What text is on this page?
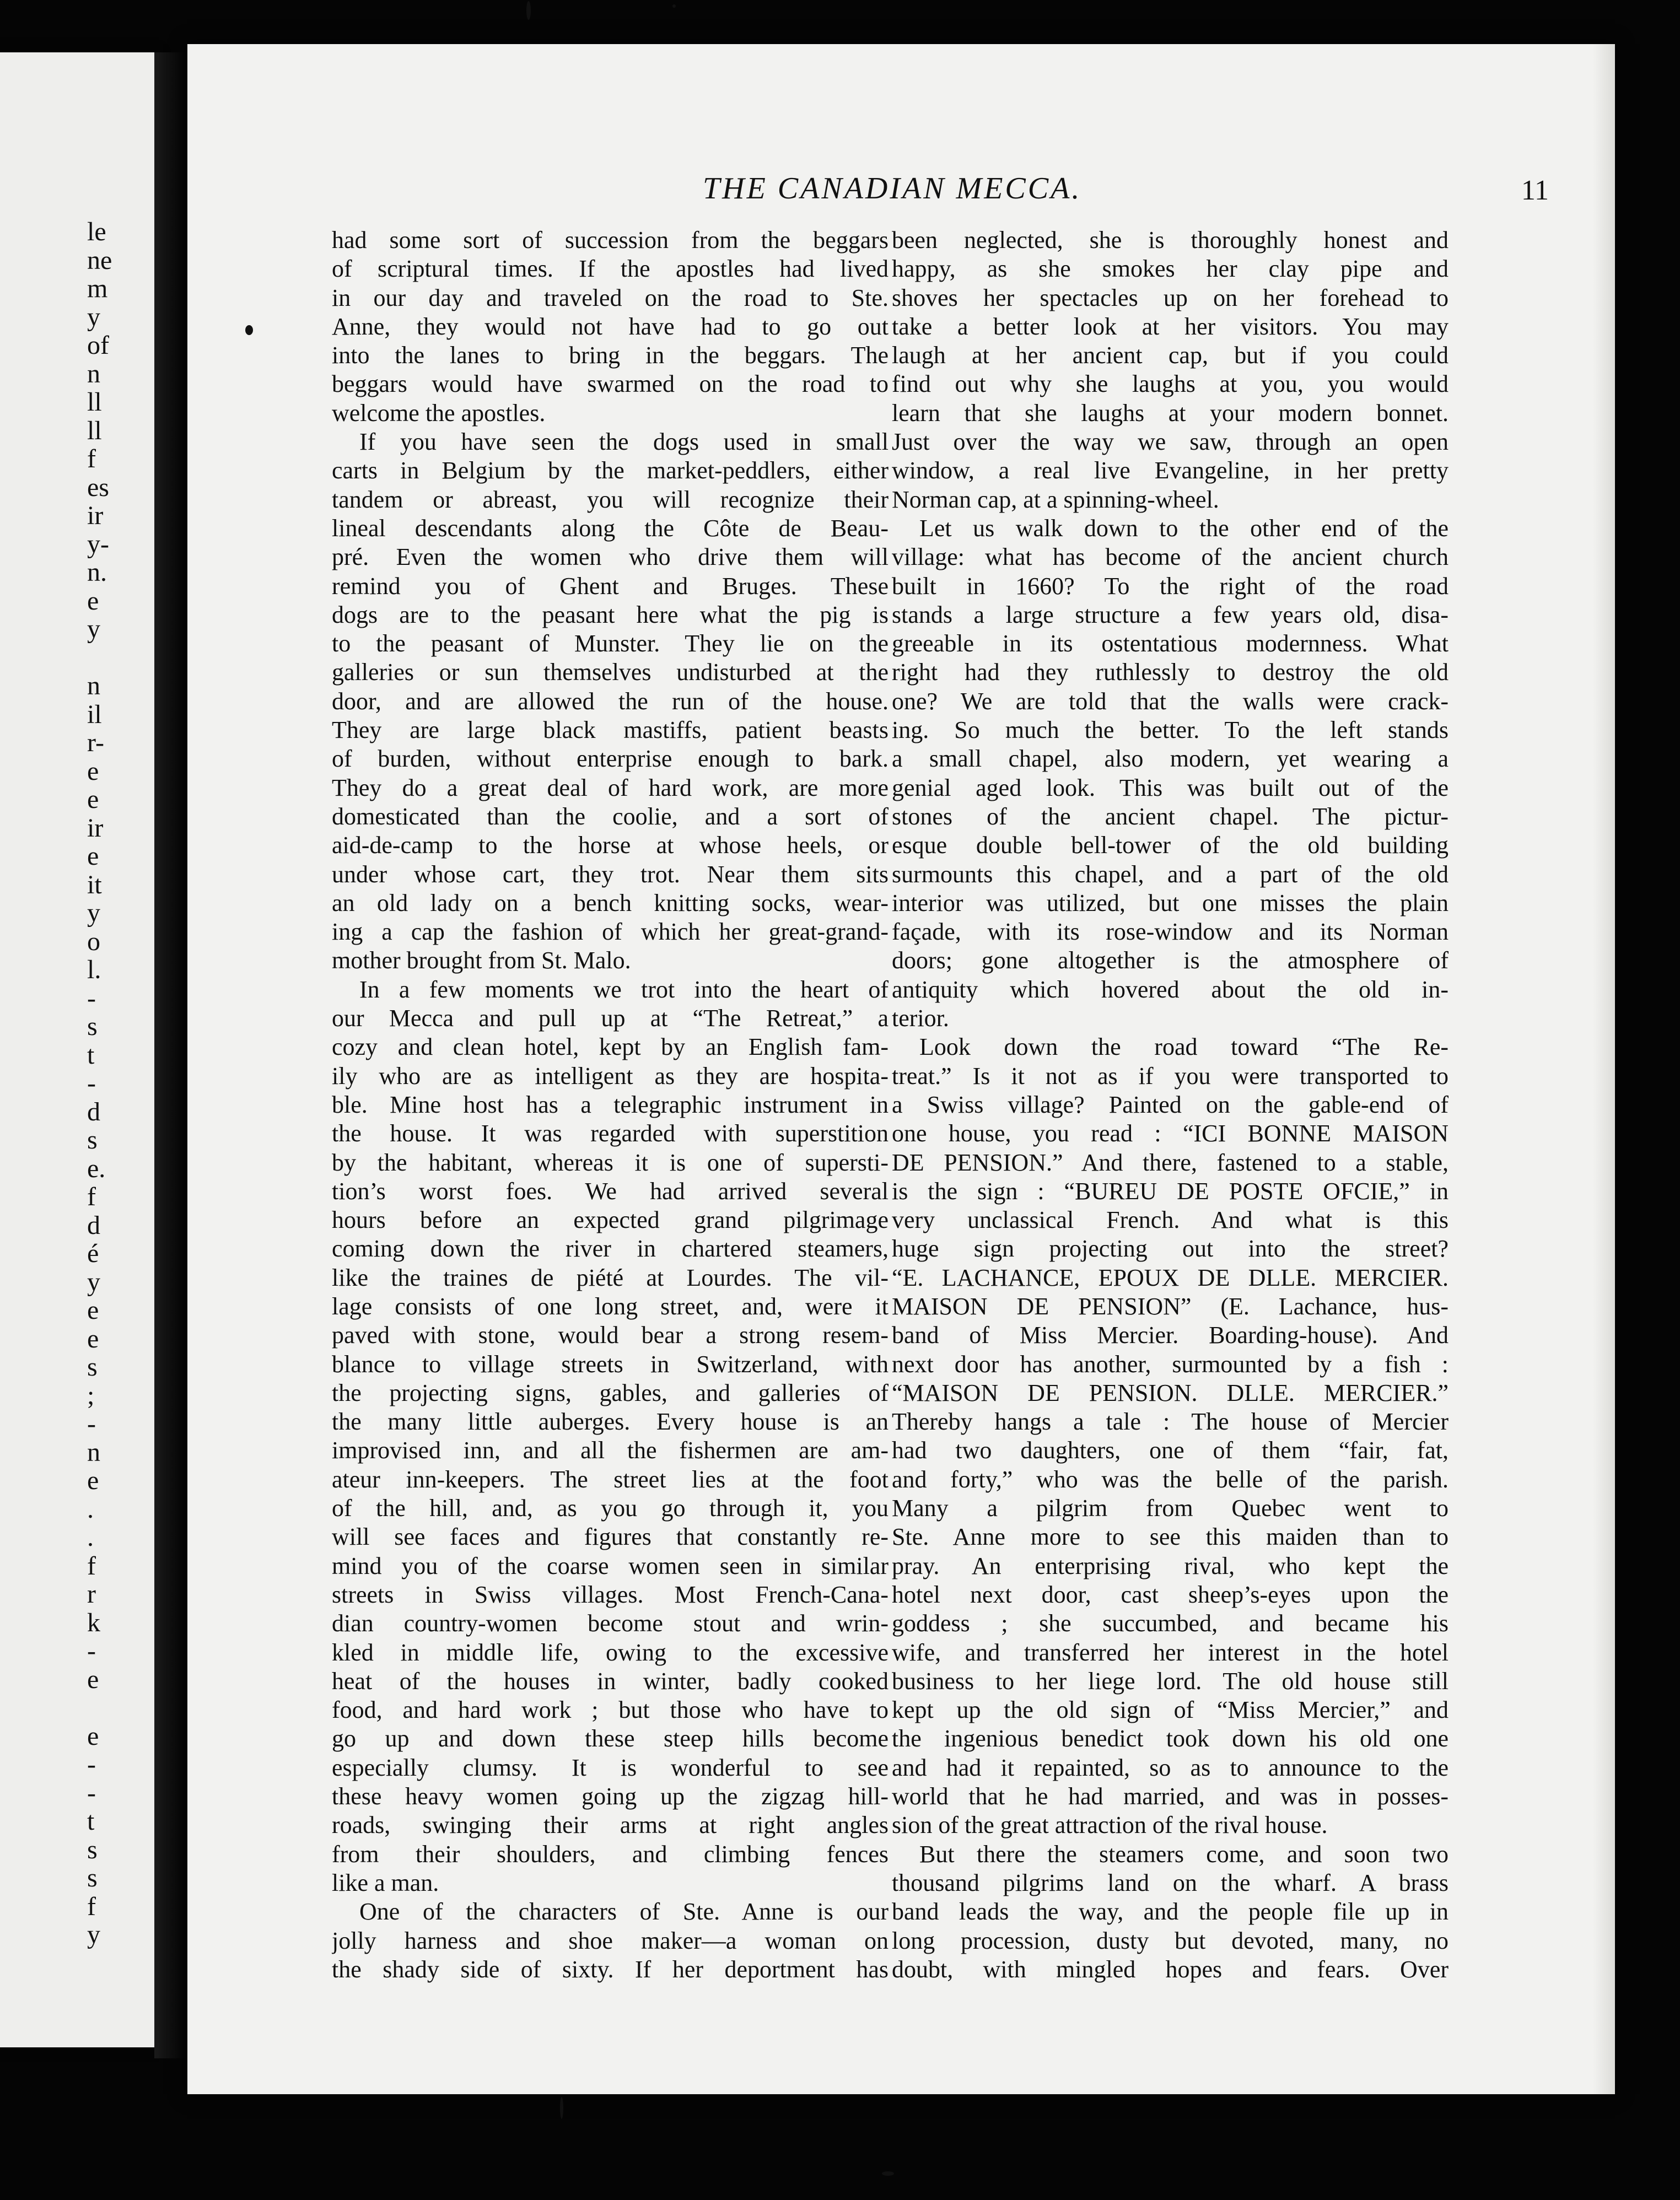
le
ne
m
y
of
n
ll
ll
f
es
ir
y-
n.
e
y
n
il
r-
e
e
ir
e
it
y
o
l.
-
s
t
-
d
s
e.
f
d
é
y
e
e
s
;
-
n
e
.
.
f
r
k
-
e
e
-
-
t
s
s
f
y
THE CANADIAN MECCA.	11
had some sort of succession from the beggars
of scriptural times. If the apostles had lived
in our day and traveled on the road to Ste.
Anne, they would not have had to go out
into the lanes to bring in the beggars. The
beggars would have swarmed on the road to
welcome the apostles.
If you have seen the dogs used in small
carts in Belgium by the market-peddlers, either
tandem or abreast, you will recognize their
lineal descendants along the Côte de Beau-
pré. Even the women who drive them will
remind you of Ghent and Bruges. These
dogs are to the peasant here what the pig is
to the peasant of Munster. They lie on the
galleries or sun themselves undisturbed at the
door, and are allowed the run of the house.
They are large black mastiffs, patient beasts
of burden, without enterprise enough to bark.
They do a great deal of hard work, are more
domesticated than the coolie, and a sort of
aid-de-camp to the horse at whose heels, or
under whose cart, they trot. Near them sits
an old lady on a bench knitting socks, wear-
ing a cap the fashion of which her great-grand-
mother brought from St. Malo.
In a few moments we trot into the heart of
our Mecca and pull up at “The Retreat,” a
cozy and clean hotel, kept by an English fam-
ily who are as intelligent as they are hospita-
ble. Mine host has a telegraphic instrument in
the house. It was regarded with superstition
by the habitant, whereas it is one of supersti-
tion’s worst foes. We had arrived several
hours before an expected grand pilgrimage
coming down the river in chartered steamers,
like the traines de piété at Lourdes. The vil-
lage consists of one long street, and, were it
paved with stone, would bear a strong resem-
blance to village streets in Switzerland, with
the projecting signs, gables, and galleries of
the many little auberges. Every house is an
improvised inn, and all the fishermen are am-
ateur inn-keepers. The street lies at the foot
of the hill, and, as you go through it, you
will see faces and figures that constantly re-
mind you of the coarse women seen in similar
streets in Swiss villages. Most French-Cana-
dian country-women become stout and wrin-
kled in middle life, owing to the excessive
heat of the houses in winter, badly cooked
food, and hard work ; but those who have to
go up and down these steep hills become
especially clumsy. It is wonderful to see
these heavy women going up the zigzag hill-
roads, swinging their arms at right angles
from their shoulders, and climbing fences
like a man.
One of the characters of Ste. Anne is our
jolly harness and shoe maker—a woman on
the shady side of sixty. If her deportment has
been neglected, she is thoroughly honest and
happy, as she smokes her clay pipe and
shoves her spectacles up on her forehead to
take a better look at her visitors. You may
laugh at her ancient cap, but if you could
find out why she laughs at you, you would
learn that she laughs at your modern bonnet.
Just over the way we saw, through an open
window, a real live Evangeline, in her pretty
Norman cap, at a spinning-wheel.
Let us walk down to the other end of the
village: what has become of the ancient church
built in 1660? To the right of the road
stands a large structure a few years old, disa-
greeable in its ostentatious modernness. What
right had they ruthlessly to destroy the old
one? We are told that the walls were crack-
ing. So much the better. To the left stands
a small chapel, also modern, yet wearing a
genial aged look. This was built out of the
stones of the ancient chapel. The pictur-
esque double bell-tower of the old building
surmounts this chapel, and a part of the old
interior was utilized, but one misses the plain
façade, with its rose-window and its Norman
doors; gone altogether is the atmosphere of
antiquity which hovered about the old in-
terior.
Look down the road toward “The Re-
treat.” Is it not as if you were transported to
a Swiss village? Painted on the gable-end of
one house, you read : “ICI BONNE MAISON
DE PENSION.” And there, fastened to a stable,
is the sign : “BUREU DE POSTE OFCIE,” in
very unclassical French. And what is this
huge sign projecting out into the street?
“E. LACHANCE, EPOUX DE DLLE. MERCIER.
MAISON DE PENSION” (E. Lachance, hus-
band of Miss Mercier. Boarding-house). And
next door has another, surmounted by a fish :
“MAISON DE PENSION. DLLE. MERCIER.”
Thereby hangs a tale : The house of Mercier
had two daughters, one of them “fair, fat,
and forty,” who was the belle of the parish.
Many a pilgrim from Quebec went to
Ste. Anne more to see this maiden than to
pray. An enterprising rival, who kept the
hotel next door, cast sheep’s-eyes upon the
goddess ; she succumbed, and became his
wife, and transferred her interest in the hotel
business to her liege lord. The old house still
kept up the old sign of “Miss Mercier,” and
the ingenious benedict took down his old one
and had it repainted, so as to announce to the
world that he had married, and was in posses-
sion of the great attraction of the rival house.
But there the steamers come, and soon two
thousand pilgrims land on the wharf. A brass
band leads the way, and the people file up in
long procession, dusty but devoted, many, no
doubt, with mingled hopes and fears. Over
